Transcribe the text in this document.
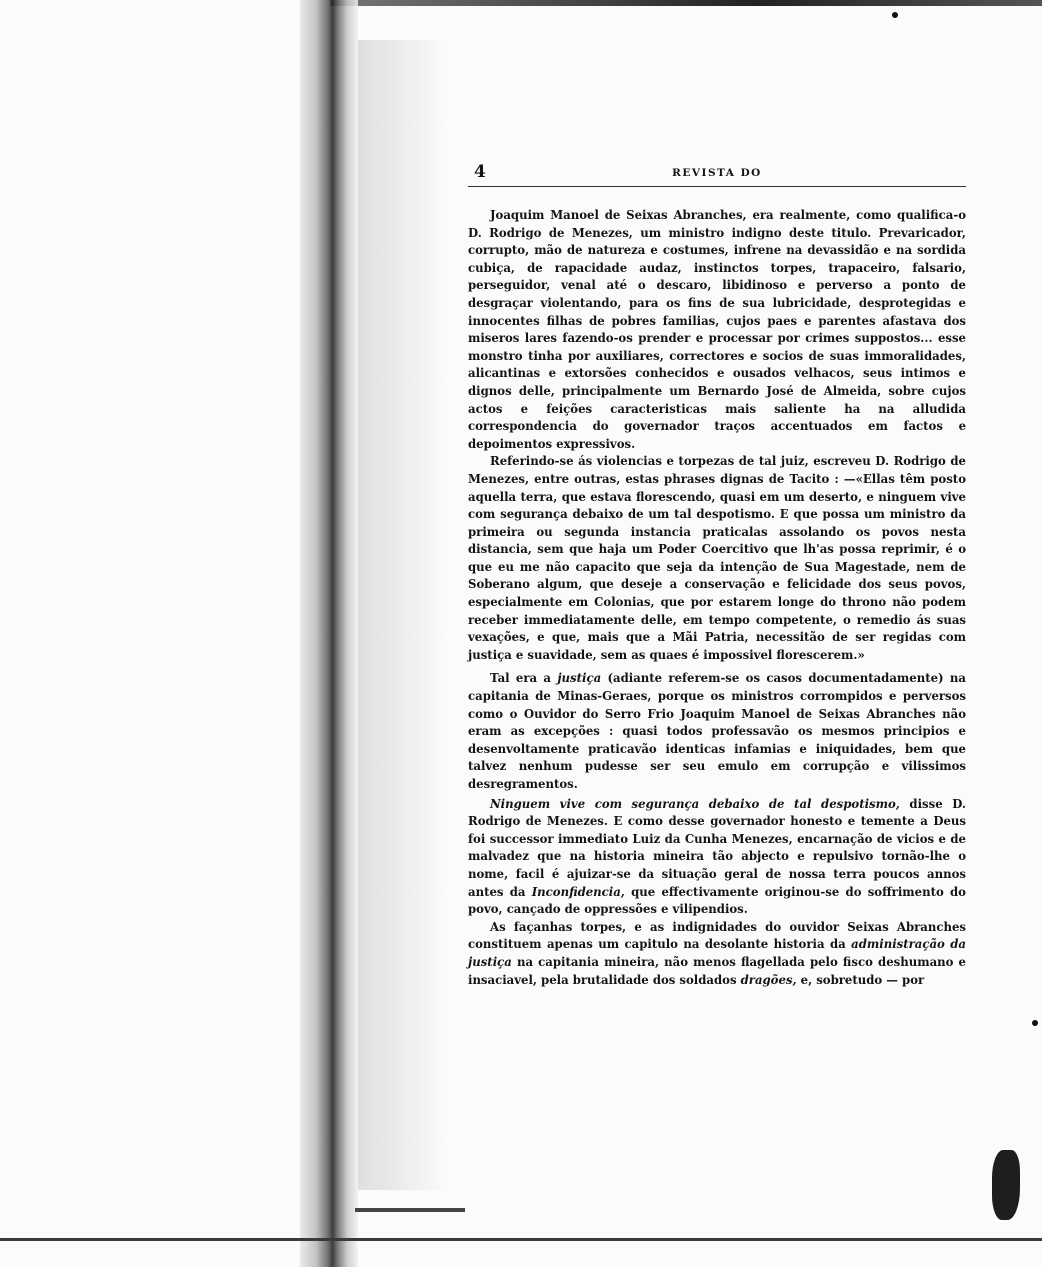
4	REVISTA DO

Joaquim Manoel de Seixas Abranches, era realmente, como qualifica-o D. Rodrigo de Menezes, um ministro indigno deste titulo. Prevaricador, corrupto, mão de natureza e costumes, infrene na devassidão e na sordida cubiça, de rapacidade audaz, instinctos torpes, trapaceiro, falsario, perseguidor, venal até o descaro, libidinoso e perverso a ponto de desgraçar violentando, para os fins de sua lubricidade, desprotegidas e innocentes filhas de pobres familias, cujos paes e parentes afastava dos miseros lares fazendo-os prender e processar por crimes suppostos... esse monstro tinha por auxiliares, correctores e socios de suas immoralidades, alicantinas e extorsões conhecidos e ousados velhacos, seus intimos e dignos delle, principalmente um Bernardo José de Almeida, sobre cujos actos e feições caracteristicas mais saliente ha na alludida correspondencia do governador traços accentuados em factos e depoimentos expressivos.

Referindo-se ás violencias e torpezas de tal juiz, escreveu D. Rodrigo de Menezes, entre outras, estas phrases dignas de Tacito : —«Ellas têm posto aquella terra, que estava florescendo, quasi em um deserto, e ninguem vive com segurança debaixo de um tal despotismo. E que possa um ministro da primeira ou segunda instancia praticalas assolando os povos nesta distancia, sem que haja um Poder Coercitivo que lh'as possa reprimir, é o que eu me não capacito que seja da intenção de Sua Magestade, nem de Soberano algum, que deseje a conservação e felicidade dos seus povos, especialmente em Colonias, que por estarem longe do throno não podem receber immediatamente delle, em tempo competente, o remedio ás suas vexações, e que, mais que a Mãi Patria, necessitão de ser regidas com justiça e suavidade, sem as quaes é impossivel florescerem.»

Tal era a justiça (adiante referem-se os casos documentadamente) na capitania de Minas-Geraes, porque os ministros corrompidos e perversos como o Ouvidor do Serro Frio Joaquim Manoel de Seixas Abranches não eram as excepções : quasi todos professavão os mesmos principios e desenvoltamente praticavão identicas infamias e iniquidades, bem que talvez nenhum pudesse ser seu emulo em corrupção e vilissimos desregramentos.

Ninguem vive com segurança debaixo de tal despotismo, disse D. Rodrigo de Menezes. E como desse governador honesto e temente a Deus foi successor immediato Luiz da Cunha Menezes, encarnação de vicios e de malvadez que na historia mineira tão abjecto e repulsivo tornão-lhe o nome, facil é ajuizar-se da situação geral de nossa terra poucos annos antes da Inconfidencia, que effectivamente originou-se do soffrimento do povo, cançado de oppressões e vilipendios.

As façanhas torpes, e as indignidades do ouvidor Seixas Abranches constituem apenas um capitulo na desolante historia da administração da justiça na capitania mineira, não menos flagellada pelo fisco deshumano e insaciavel, pela brutalidade dos soldados dragões, e, sobretudo — por
